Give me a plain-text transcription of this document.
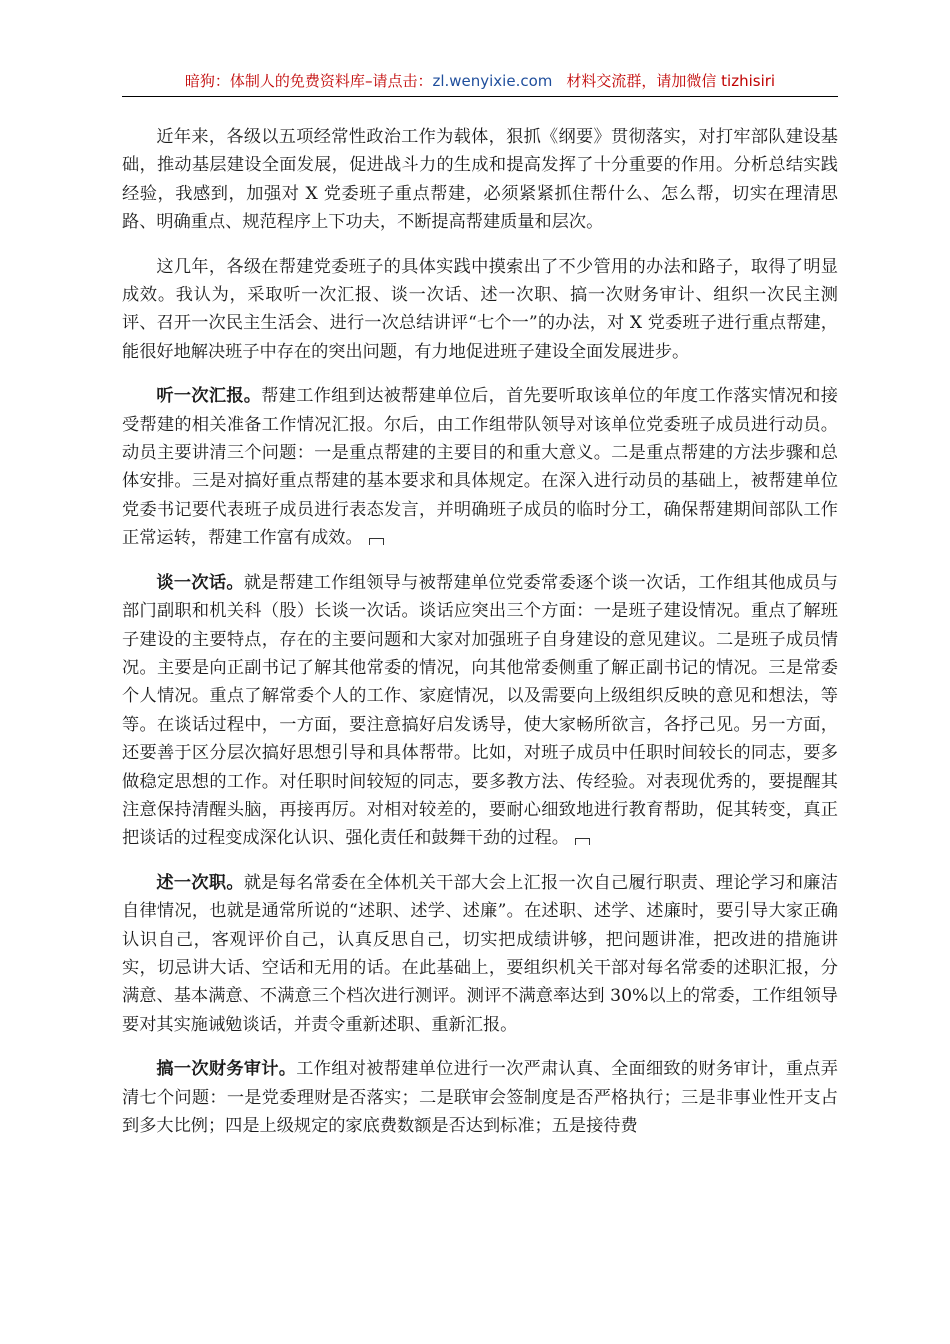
暗狗：体制人的免费资料库–请点击：zl.wenyixie.com 材料交流群，请加微信 tizhisiri

近年来，各级以五项经常性政治工作为载体，狠抓《纲要》贯彻落实，对打牢部队建设基础，推动基层建设全面发展，促进战斗力的生成和提高发挥了十分重要的作用。分析总结实践经验，我感到，加强对 X 党委班子重点帮建，必须紧紧抓住帮什么、怎么帮，切实在理清思路、明确重点、规范程序上下功夫，不断提高帮建质量和层次。

这几年，各级在帮建党委班子的具体实践中摸索出了不少管用的办法和路子，取得了明显成效。我认为，采取听一次汇报、谈一次话、述一次职、搞一次财务审计、组织一次民主测评、召开一次民主生活会、进行一次总结讲评“七个一”的办法，对 X 党委班子进行重点帮建，能很好地解决班子中存在的突出问题，有力地促进班子建设全面发展进步。

听一次汇报。帮建工作组到达被帮建单位后，首先要听取该单位的年度工作落实情况和接受帮建的相关准备工作情况汇报。尔后，由工作组带队领导对该单位党委班子成员进行动员。动员主要讲清三个问题：一是重点帮建的主要目的和重大意义。二是重点帮建的方法步骤和总体安排。三是对搞好重点帮建的基本要求和具体规定。在深入进行动员的基础上，被帮建单位党委书记要代表班子成员进行表态发言，并明确班子成员的临时分工，确保帮建期间部队工作正常运转，帮建工作富有成效。

谈一次话。就是帮建工作组领导与被帮建单位党委常委逐个谈一次话，工作组其他成员与部门副职和机关科（股）长谈一次话。谈话应突出三个方面：一是班子建设情况。重点了解班子建设的主要特点，存在的主要问题和大家对加强班子自身建设的意见建议。二是班子成员情况。主要是向正副书记了解其他常委的情况，向其他常委侧重了解正副书记的情况。三是常委个人情况。重点了解常委个人的工作、家庭情况，以及需要向上级组织反映的意见和想法，等等。在谈话过程中，一方面，要注意搞好启发诱导，使大家畅所欲言，各抒己见。另一方面，还要善于区分层次搞好思想引导和具体帮带。比如，对班子成员中任职时间较长的同志，要多做稳定思想的工作。对任职时间较短的同志，要多教方法、传经验。对表现优秀的，要提醒其注意保持清醒头脑，再接再厉。对相对较差的，要耐心细致地进行教育帮助，促其转变，真正把谈话的过程变成深化认识、强化责任和鼓舞干劲的过程。

述一次职。就是每名常委在全体机关干部大会上汇报一次自己履行职责、理论学习和廉洁自律情况，也就是通常所说的“述职、述学、述廉”。在述职、述学、述廉时，要引导大家正确认识自己，客观评价自己，认真反思自己，切实把成绩讲够，把问题讲准，把改进的措施讲实，切忌讲大话、空话和无用的话。在此基础上，要组织机关干部对每名常委的述职汇报，分满意、基本满意、不满意三个档次进行测评。测评不满意率达到 30%以上的常委，工作组领导要对其实施诫勉谈话，并责令重新述职、重新汇报。

搞一次财务审计。工作组对被帮建单位进行一次严肃认真、全面细致的财务审计，重点弄清七个问题：一是党委理财是否落实；二是联审会签制度是否严格执行；三是非事业性开支占到多大比例；四是上级规定的家底费数额是否达到标准；五是接待费
